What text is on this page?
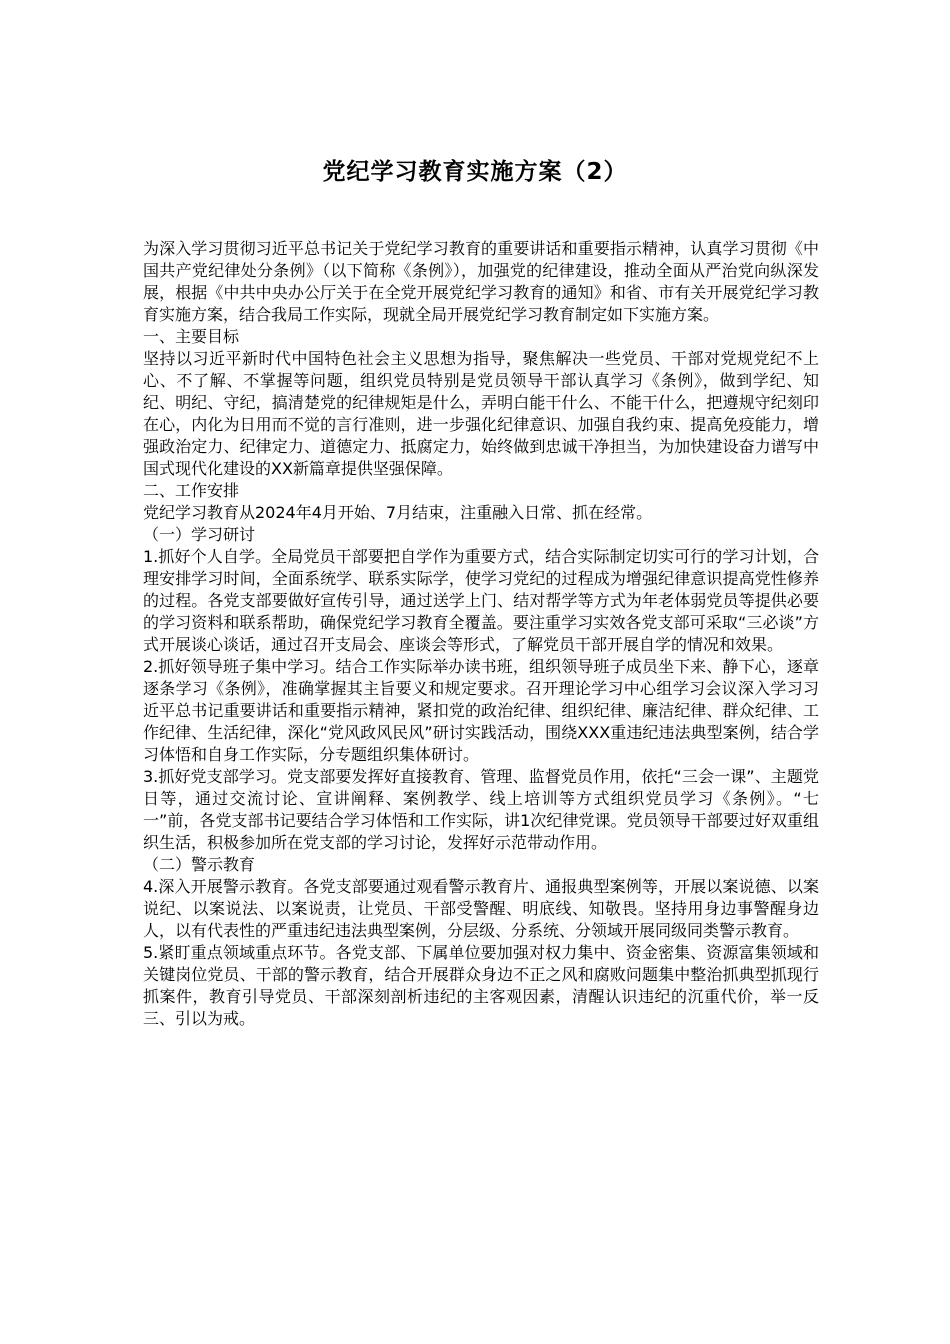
党纪学习教育实施方案（2）

为深入学习贯彻习近平总书记关于党纪学习教育的重要讲话和重要指示精神，认真学习贯彻《中国共产党纪律处分条例》（以下简称《条例》），加强党的纪律建设，推动全面从严治党向纵深发展，根据《中共中央办公厅关于在全党开展党纪学习教育的通知》和省、市有关开展党纪学习教育实施方案，结合我局工作实际，现就全局开展党纪学习教育制定如下实施方案。

一、主要目标

坚持以习近平新时代中国特色社会主义思想为指导，聚焦解决一些党员、干部对党规党纪不上心、不了解、不掌握等问题，组织党员特别是党员领导干部认真学习《条例》，做到学纪、知纪、明纪、守纪，搞清楚党的纪律规矩是什么，弄明白能干什么、不能干什么，把遵规守纪刻印在心，内化为日用而不觉的言行准则，进一步强化纪律意识、加强自我约束、提高免疫能力，增强政治定力、纪律定力、道德定力、抵腐定力，始终做到忠诚干净担当，为加快建设奋力谱写中国式现代化建设的XX新篇章提供坚强保障。

二、工作安排

党纪学习教育从2024年4月开始、7月结束，注重融入日常、抓在经常。

（一）学习研讨

1.抓好个人自学。全局党员干部要把自学作为重要方式，结合实际制定切实可行的学习计划，合理安排学习时间，全面系统学、联系实际学，使学习党纪的过程成为增强纪律意识提高党性修养的过程。各党支部要做好宣传引导，通过送学上门、结对帮学等方式为年老体弱党员等提供必要的学习资料和联系帮助，确保党纪学习教育全覆盖。要注重学习实效各党支部可采取“三必谈”方式开展谈心谈话，通过召开支局会、座谈会等形式，了解党员干部开展自学的情况和效果。

2.抓好领导班子集中学习。结合工作实际举办读书班，组织领导班子成员坐下来、静下心，逐章逐条学习《条例》，准确掌握其主旨要义和规定要求。召开理论学习中心组学习会议深入学习习近平总书记重要讲话和重要指示精神，紧扣党的政治纪律、组织纪律、廉洁纪律、群众纪律、工作纪律、生活纪律，深化“党风政风民风”研讨实践活动，围绕XXX重违纪违法典型案例，结合学习体悟和自身工作实际，分专题组织集体研讨。

3.抓好党支部学习。党支部要发挥好直接教育、管理、监督党员作用，依托“三会一课”、主题党日等，通过交流讨论、宣讲阐释、案例教学、线上培训等方式组织党员学习《条例》。“七一”前，各党支部书记要结合学习体悟和工作实际，讲1次纪律党课。党员领导干部要过好双重组织生活，积极参加所在党支部的学习讨论，发挥好示范带动作用。

（二）警示教育

4.深入开展警示教育。各党支部要通过观看警示教育片、通报典型案例等，开展以案说德、以案说纪、以案说法、以案说责，让党员、干部受警醒、明底线、知敬畏。坚持用身边事警醒身边人，以有代表性的严重违纪违法典型案例，分层级、分系统、分领域开展同级同类警示教育。

5.紧盯重点领域重点环节。各党支部、下属单位要加强对权力集中、资金密集、资源富集领域和关键岗位党员、干部的警示教育，结合开展群众身边不正之风和腐败问题集中整治抓典型抓现行抓案件，教育引导党员、干部深刻剖析违纪的主客观因素，清醒认识违纪的沉重代价，举一反三、引以为戒。
